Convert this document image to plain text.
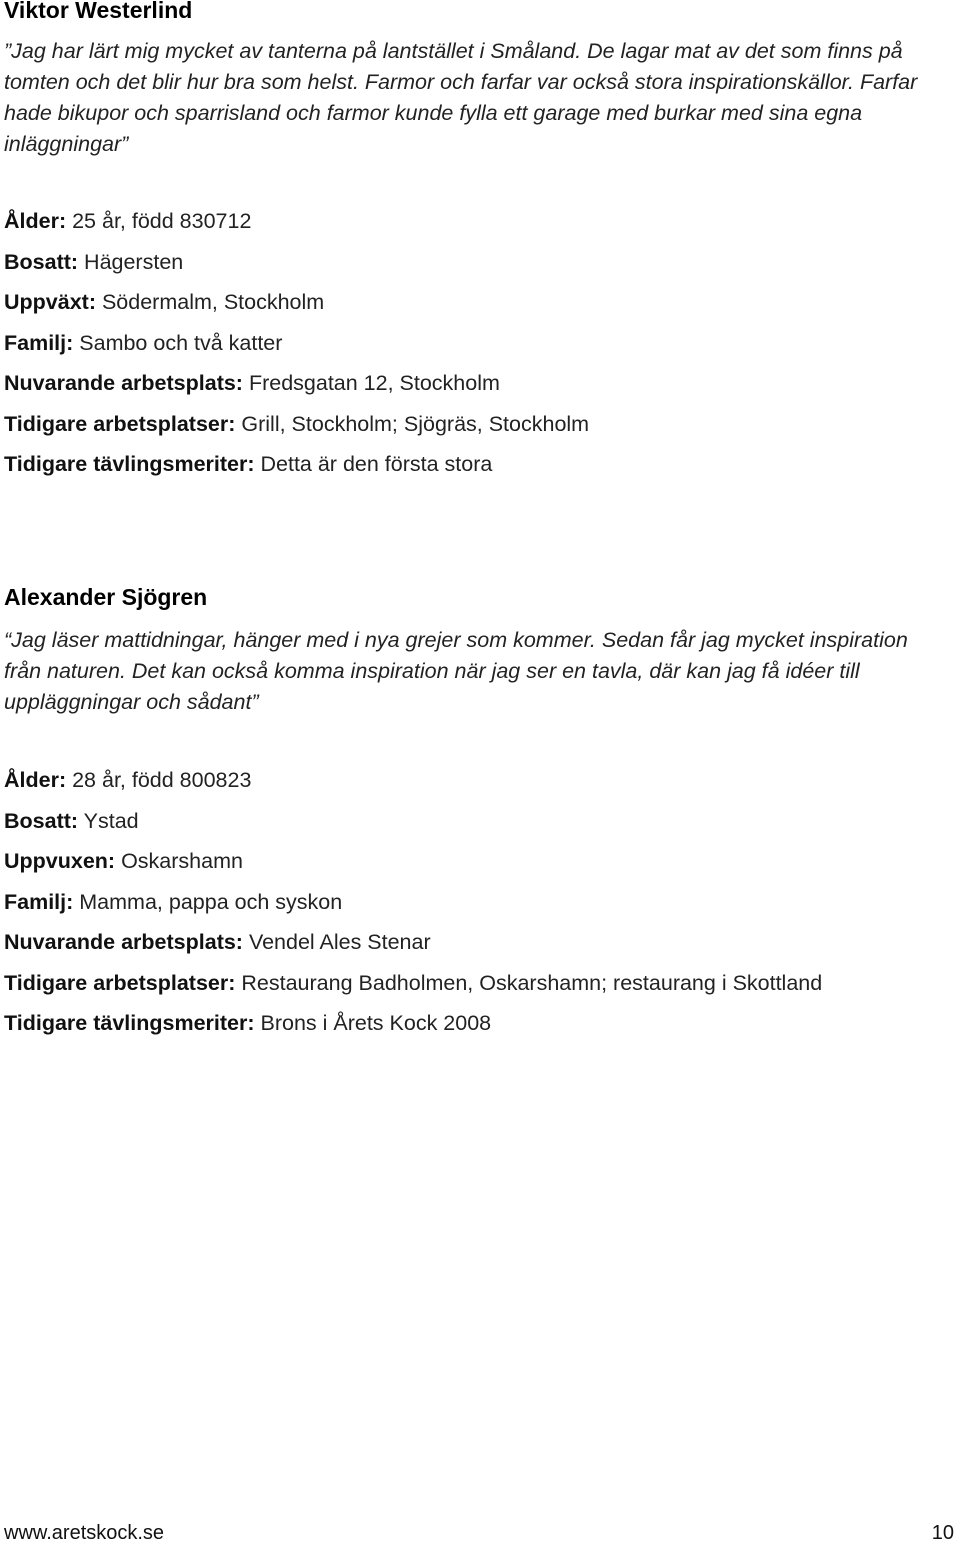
Viktor Westerlind

”Jag har lärt mig mycket av tanterna på lantstället i Småland. De lagar mat av det som finns på tomten och det blir hur bra som helst. Farmor och farfar var också stora inspirationskällor. Farfar hade bikupor och sparrisland och farmor kunde fylla ett garage med burkar med sina egna inläggningar”

Ålder: 25 år, född 830712
Bosatt: Hägersten
Uppväxt: Södermalm, Stockholm
Familj: Sambo och två katter
Nuvarande arbetsplats: Fredsgatan 12, Stockholm
Tidigare arbetsplatser: Grill, Stockholm; Sjögräs, Stockholm
Tidigare tävlingsmeriter: Detta är den första stora
Alexander Sjögren

“Jag läser mattidningar, hänger med i nya grejer som kommer. Sedan får jag mycket inspiration från naturen. Det kan också komma inspiration när jag ser en tavla, där kan jag få idéer till uppläggningar och sådant”

Ålder: 28 år, född 800823
Bosatt: Ystad
Uppvuxen: Oskarshamn
Familj: Mamma, pappa och syskon
Nuvarande arbetsplats: Vendel Ales Stenar
Tidigare arbetsplatser: Restaurang Badholmen, Oskarshamn; restaurang i Skottland
Tidigare tävlingsmeriter: Brons i Årets Kock 2008
www.aretskock.se	10
